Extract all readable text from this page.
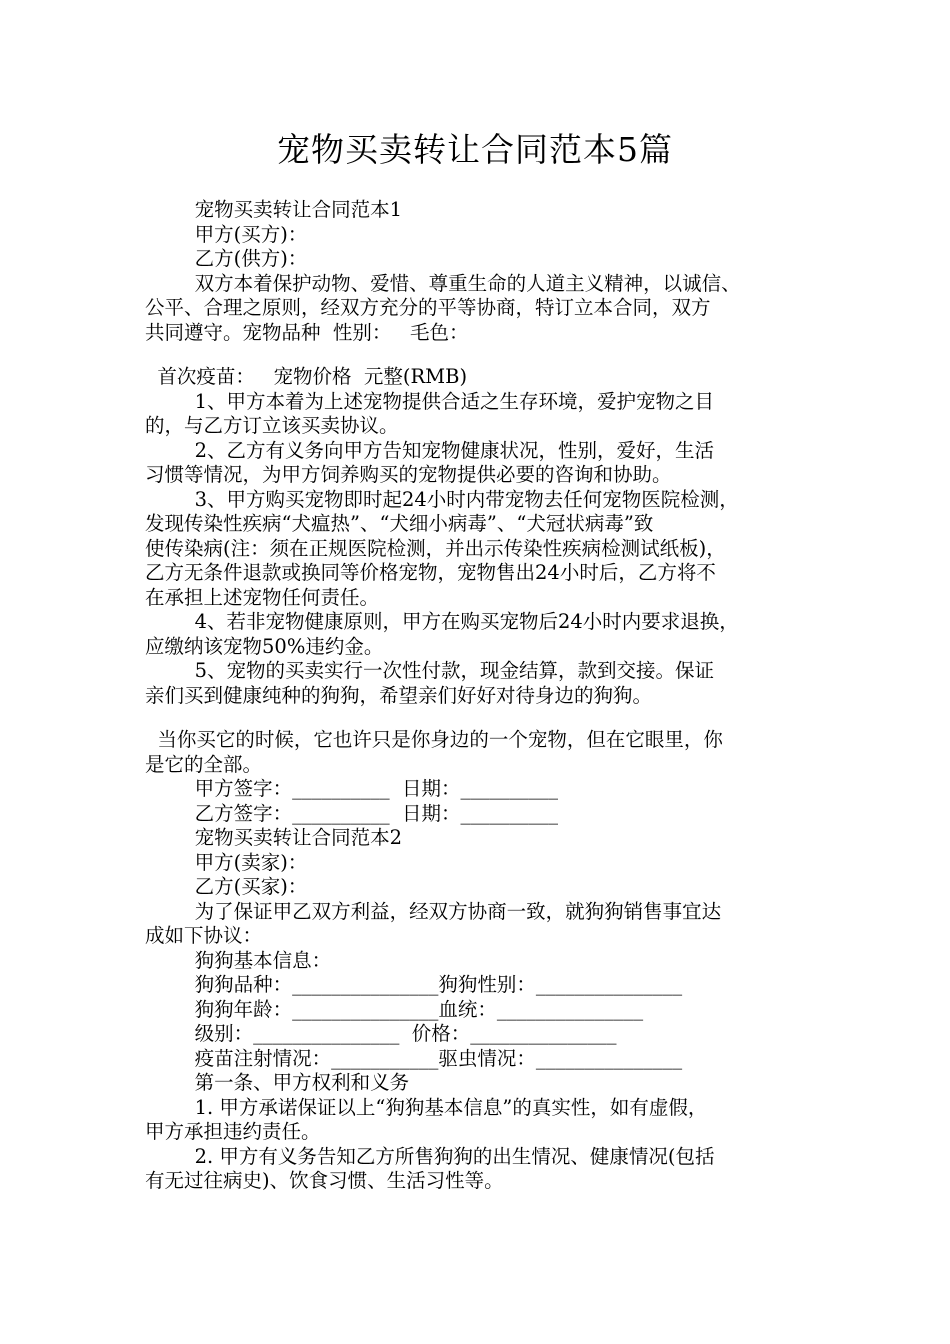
宠物买卖转让合同范本5篇
宠物买卖转让合同范本1
甲方(买方)：
乙方(供方)：
双方本着保护动物、爱惜、尊重生命的人道主义精神，以诚信、
公平、合理之原则，经双方充分的平等协商，特订立本合同，双方
共同遵守。宠物品种  性别：   毛色：
首次疫苗：   宠物价格  元整(RMB)
1、甲方本着为上述宠物提供合适之生存环境，爱护宠物之目
的，与乙方订立该买卖协议。
2、乙方有义务向甲方告知宠物健康状况，性别，爱好，生活
习惯等情况，为甲方饲养购买的宠物提供必要的咨询和协助。
3、甲方购买宠物即时起24小时内带宠物去任何宠物医院检测，
发现传染性疾病“犬瘟热”、“犬细小病毒”、“犬冠状病毒”致
使传染病(注：须在正规医院检测，并出示传染性疾病检测试纸板)，
乙方无条件退款或换同等价格宠物，宠物售出24小时后，乙方将不
在承担上述宠物任何责任。
4、若非宠物健康原则，甲方在购买宠物后24小时内要求退换，
应缴纳该宠物50%违约金。
5、宠物的买卖实行一次性付款，现金结算，款到交接。保证
亲们买到健康纯种的狗狗，希望亲们好好对待身边的狗狗。
当你买它的时候，它也许只是你身边的一个宠物，但在它眼里，你
是它的全部。
甲方签字：__________  日期：__________
乙方签字：__________  日期：__________
宠物买卖转让合同范本2
甲方(卖家)：
乙方(买家)：
为了保证甲乙双方利益，经双方协商一致，就狗狗销售事宜达
成如下协议：
狗狗基本信息：
狗狗品种：_______________狗狗性别：_______________
狗狗年龄：_______________血统：_______________
级别：_______________  价格：_______________
疫苗注射情况：___________驱虫情况：_______________
第一条、甲方权利和义务
1. 甲方承诺保证以上“狗狗基本信息”的真实性，如有虚假，
甲方承担违约责任。
2. 甲方有义务告知乙方所售狗狗的出生情况、健康情况(包括
有无过往病史)、饮食习惯、生活习性等。
